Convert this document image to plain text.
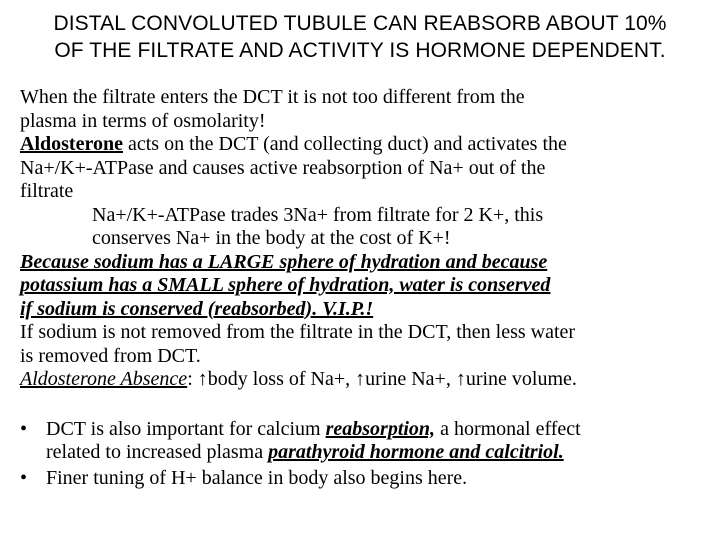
DISTAL CONVOLUTED TUBULE CAN REABSORB ABOUT 10%
OF THE FILTRATE AND ACTIVITY IS HORMONE DEPENDENT.
When the filtrate enters the DCT it is not too different from the
plasma in terms of osmolarity!
Aldosterone acts on the DCT (and collecting duct) and activates the
Na+/K+-ATPase and causes active reabsorption of Na+ out of the
filtrate
Na+/K+-ATPase trades 3Na+ from filtrate for 2 K+, this
conserves Na+ in the body at the cost of K+!
Because sodium has a LARGE sphere of hydration and because
potassium has a SMALL sphere of hydration, water is conserved
if sodium is conserved (reabsorbed). V.I.P.!
If sodium is not removed from the filtrate in the DCT, then less water
is removed from DCT.
Aldosterone Absence: ↑body loss of Na+, ↑urine Na+, ↑urine volume.
• DCT is also important for calcium reabsorption, a hormonal effect
related to increased plasma parathyroid hormone and calcitriol.
• Finer tuning of H+ balance in body also begins here.
